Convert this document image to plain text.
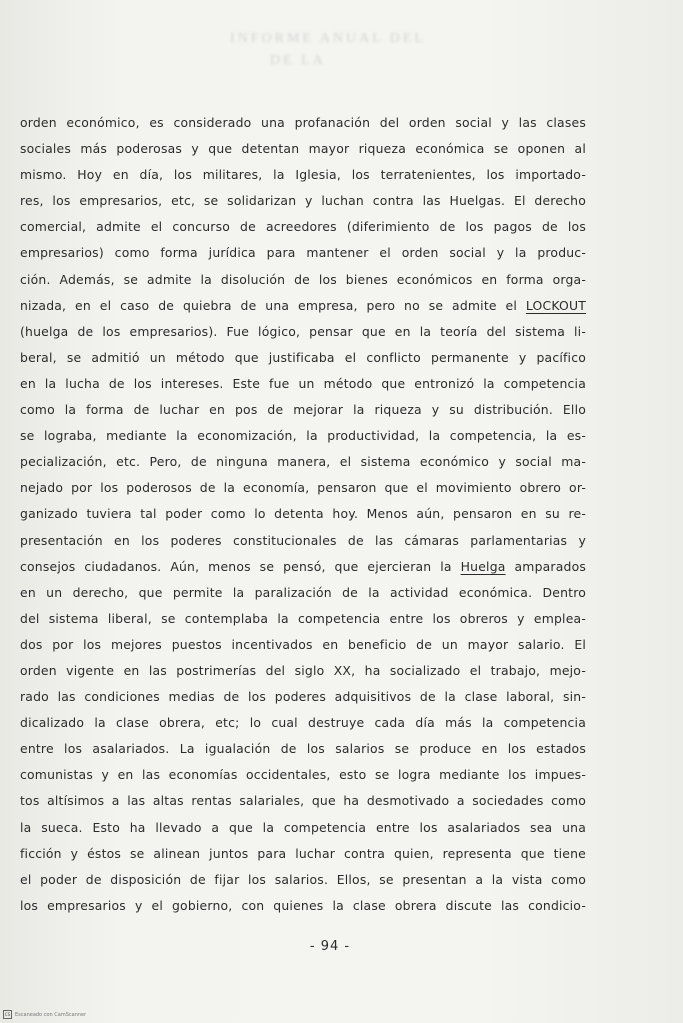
INFORME ANUAL DEL
DE LA
orden económico, es considerado una profanación del orden social y las clases
sociales más poderosas y que detentan mayor riqueza económica se oponen al
mismo. Hoy en día, los militares, la Iglesia, los terratenientes, los importado-
res, los empresarios, etc, se solidarizan y luchan contra las Huelgas. El derecho
comercial, admite el concurso de acreedores (diferimiento de los pagos de los
empresarios) como forma jurídica para mantener el orden social y la produc-
ción. Además, se admite la disolución de los bienes económicos en forma orga-
nizada, en el caso de quiebra de una empresa, pero no se admite el LOCKOUT
(huelga de los empresarios). Fue lógico, pensar que en la teoría del sistema li-
beral, se admitió un método que justificaba el conflicto permanente y pacífico
en la lucha de los intereses. Este fue un método que entronizó la competencia
como la forma de luchar en pos de mejorar la riqueza y su distribución. Ello
se lograba, mediante la economización, la productividad, la competencia, la es-
pecialización, etc. Pero, de ninguna manera, el sistema económico y social ma-
nejado por los poderosos de la economía, pensaron que el movimiento obrero or-
ganizado tuviera tal poder como lo detenta hoy. Menos aún, pensaron en su re-
presentación en los poderes constitucionales de las cámaras parlamentarias y
consejos ciudadanos. Aún, menos se pensó, que ejercieran la Huelga amparados
en un derecho, que permite la paralización de la actividad económica. Dentro
del sistema liberal, se contemplaba la competencia entre los obreros y emplea-
dos por los mejores puestos incentivados en beneficio de un mayor salario. El
orden vigente en las postrimerías del siglo XX, ha socializado el trabajo, mejo-
rado las condiciones medias de los poderes adquisitivos de la clase laboral, sin-
dicalizado la clase obrera, etc; lo cual destruye cada día más la competencia
entre los asalariados. La igualación de los salarios se produce en los estados
comunistas y en las economías occidentales, esto se logra mediante los impues-
tos altísimos a las altas rentas salariales, que ha desmotivado a sociedades como
la sueca. Esto ha llevado a que la competencia entre los asalariados sea una
ficción y éstos se alinean juntos para luchar contra quien, representa que tiene
el poder de disposición de fijar los salarios. Ellos, se presentan a la vista como
los empresarios y el gobierno, con quienes la clase obrera discute las condicio-
- 94 -
CS Escaneado con CamScanner
